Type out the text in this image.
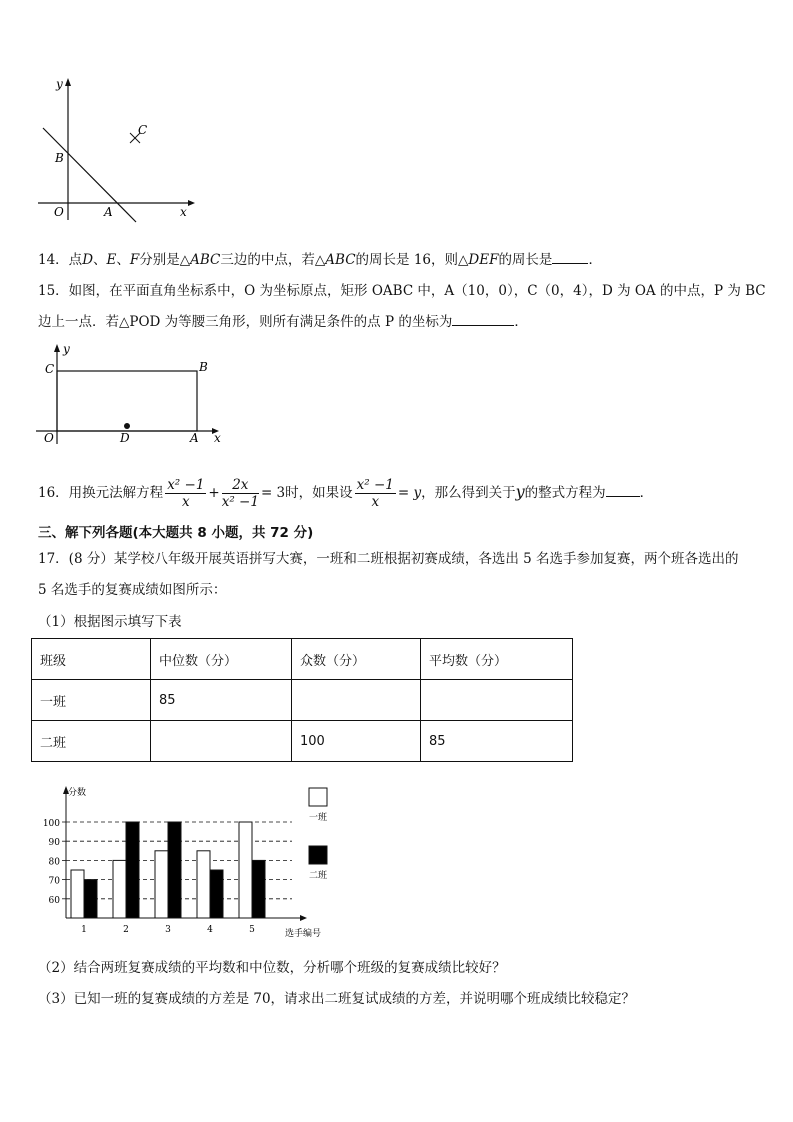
y
C
B
O	A	x
14．点D、E、F分别是△ABC三边的中点，若△ABC的周长是 16，则△DEF的周长是	．
15．如图，在平面直角坐标系中，O 为坐标原点，矩形 OABC 中，A（10，0），C（0，4），D 为 OA 的中点，P 为 BC
边上一点．若△POD 为等腰三角形，则所有满足条件的点 P 的坐标为	．
y
C	B
O	D	A x
16．用换元法解方程 $\frac{\text{x² −1}}{x} + \frac{2x}{\text{x² −1}} = 3$时，如果设 $\frac{\text{x² −1}}{x} = y$，那么得到关于y的整式方程为	．
三、解下列各题(本大题共 8 小题，共 72 分)
17．(8 分）某学校八年级开展英语拼写大赛，一班和二班根据初赛成绩，各选出 5 名选手参加复赛，两个班各选出的
5 名选手的复赛成绩如图所示：
（1）根据图示填写下表
班级	中位数（分）	众数（分）	平均数（分）
一班	85		
二班		100	85
100
90
80
70
60
分数
选手编号
1	2	3	4	5
一班
二班
（2）结合两班复赛成绩的平均数和中位数，分析哪个班级的复赛成绩比较好？
（3）已知一班的复赛成绩的方差是 70，请求出二班复试成绩的方差，并说明哪个班成绩比较稳定？
